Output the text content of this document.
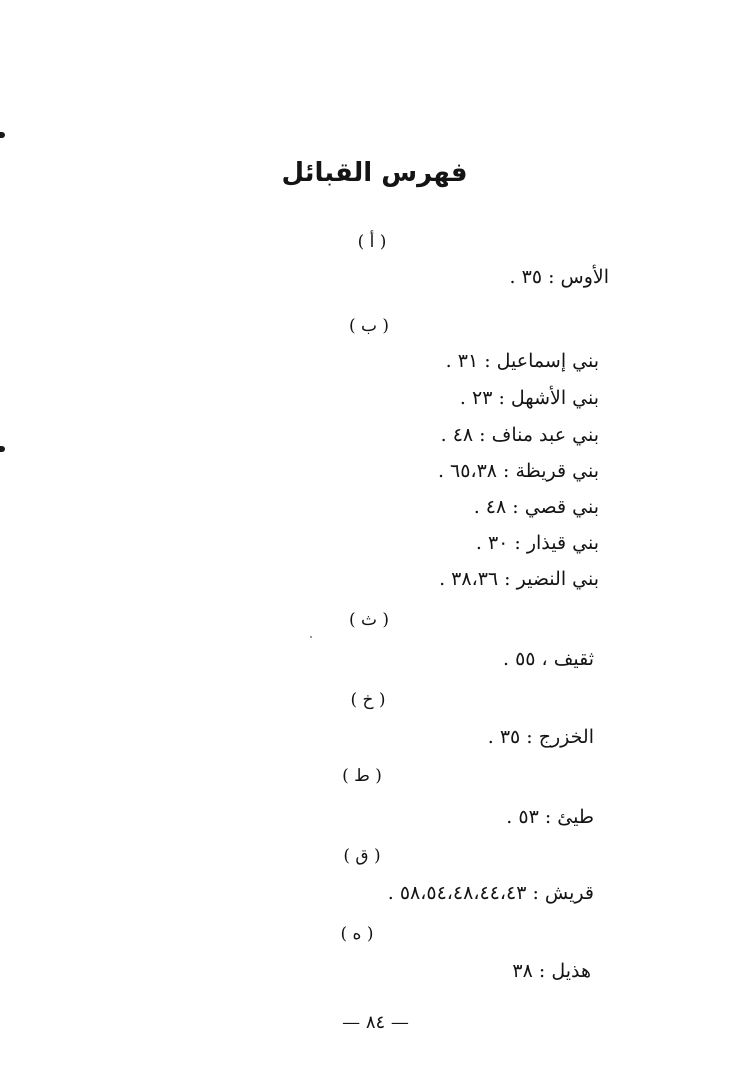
فهرس القبائل
( أ )
الأوس : ٣٥ .
( ب )
بني إسماعيل : ٣١ .
بني الأشهل : ٢٣ .
بني عبد مناف : ٤٨ .
بني قريظة : ٦٥،٣٨ .
بني قصي : ٤٨ .
بني قيذار : ٣٠ .
بني النضير : ٣٨،٣٦ .
( ث )
ثقيف ، ٥٥ .
( خ )
الخزرج : ٣٥ .
( ط )
طيئ : ٥٣ .
( ق )
قريش : ٥٨،٥٤،٤٨،٤٤،٤٣ .
( ه )
هذيل : ٣٨
— ٨٤ —
